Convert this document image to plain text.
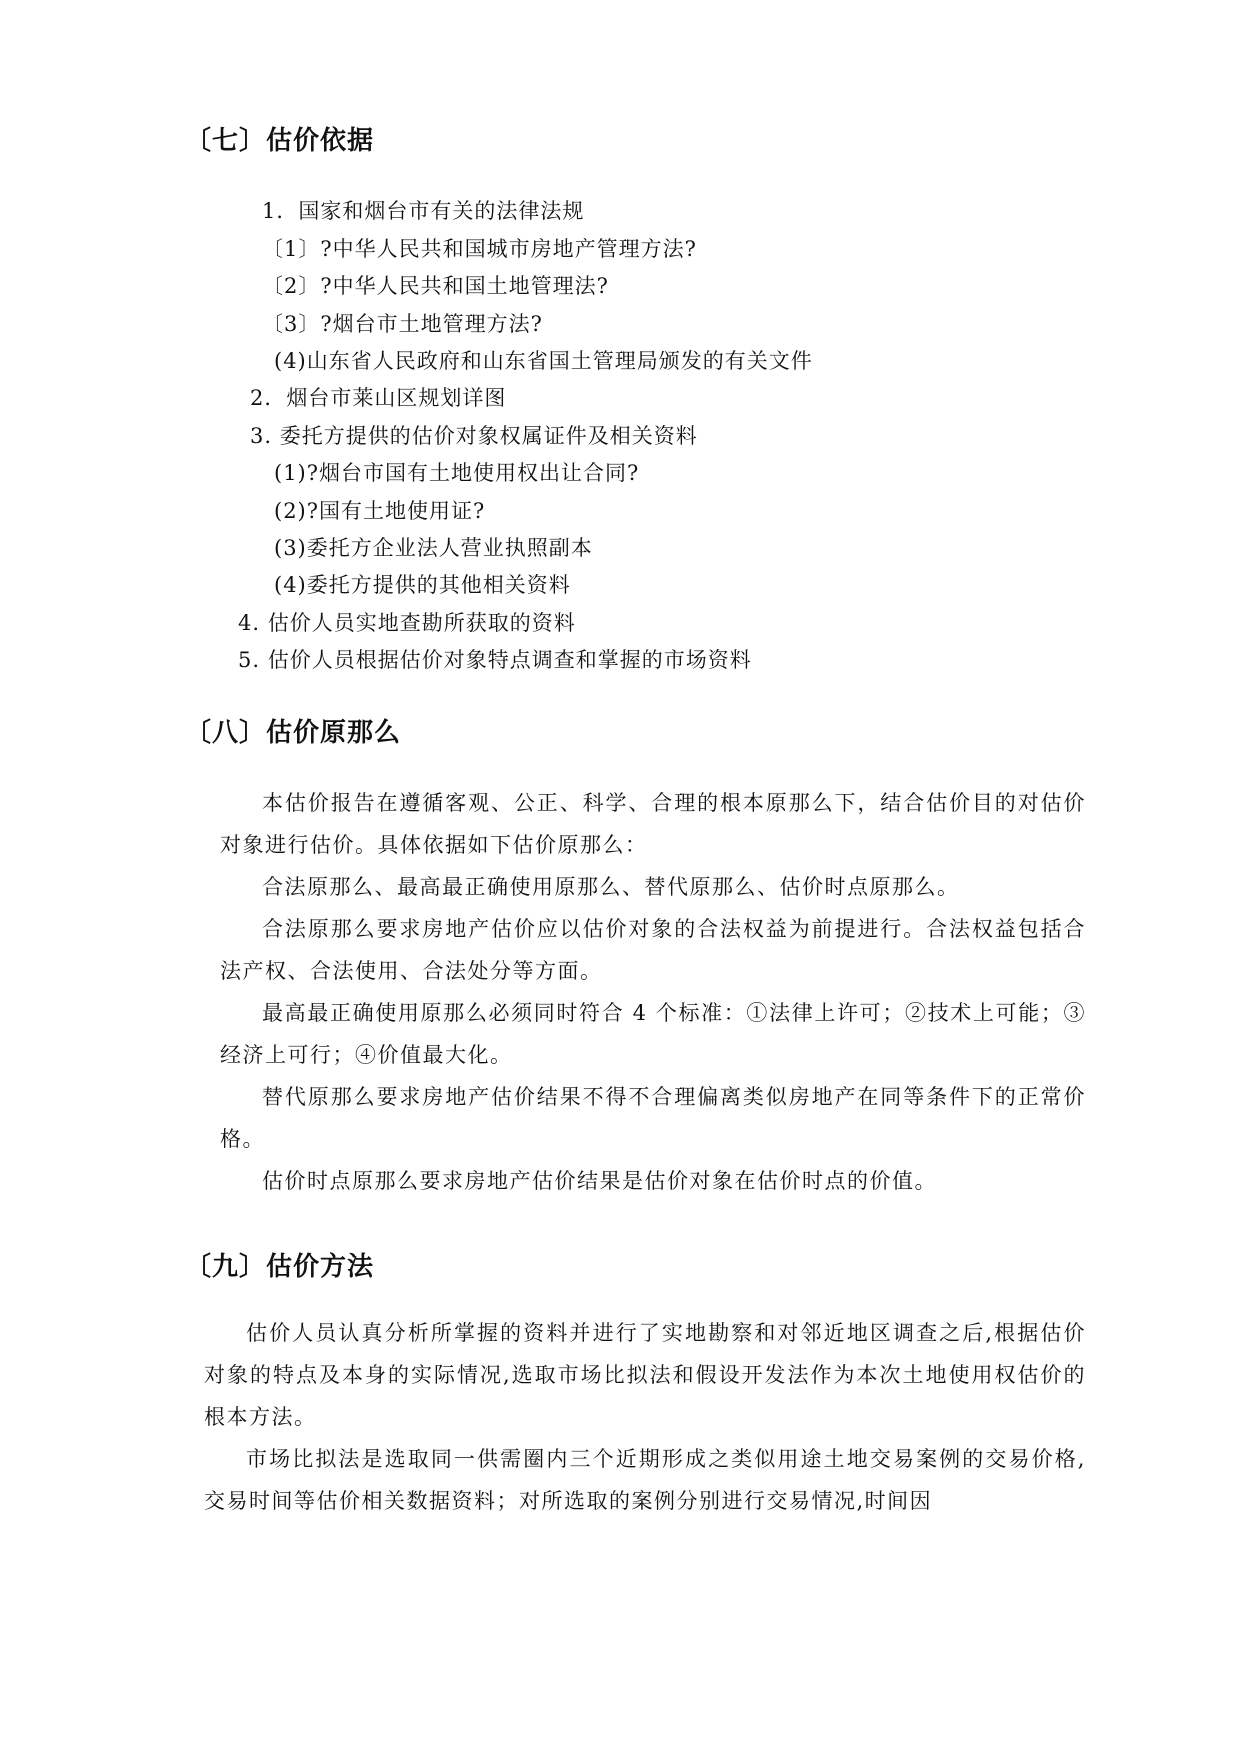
〔七〕估价依据
1．国家和烟台市有关的法律法规
〔1〕?中华人民共和国城市房地产管理方法?
〔2〕?中华人民共和国土地管理法?
〔3〕?烟台市土地管理方法?
(4)山东省人民政府和山东省国土管理局颁发的有关文件
2．烟台市莱山区规划详图
3. 委托方提供的估价对象权属证件及相关资料
(1)?烟台市国有土地使用权出让合同?
(2)?国有土地使用证?
(3)委托方企业法人营业执照副本
(4)委托方提供的其他相关资料
4. 估价人员实地查勘所获取的资料
5. 估价人员根据估价对象特点调查和掌握的市场资料
〔八〕估价原那么
本估价报告在遵循客观、公正、科学、合理的根本原那么下，结合估价目的对估价对象进行估价。具体依据如下估价原那么：
合法原那么、最高最正确使用原那么、替代原那么、估价时点原那么。
合法原那么要求房地产估价应以估价对象的合法权益为前提进行。合法权益包括合法产权、合法使用、合法处分等方面。
最高最正确使用原那么必须同时符合 4 个标准：①法律上许可；②技术上可能；③经济上可行；④价值最大化。
替代原那么要求房地产估价结果不得不合理偏离类似房地产在同等条件下的正常价格。
估价时点原那么要求房地产估价结果是估价对象在估价时点的价值。
〔九〕估价方法
估价人员认真分析所掌握的资料并进行了实地勘察和对邻近地区调查之后,根据估价对象的特点及本身的实际情况,选取市场比拟法和假设开发法作为本次土地使用权估价的根本方法。
市场比拟法是选取同一供需圈内三个近期形成之类似用途土地交易案例的交易价格,交易时间等估价相关数据资料；对所选取的案例分别进行交易情况,时间因
